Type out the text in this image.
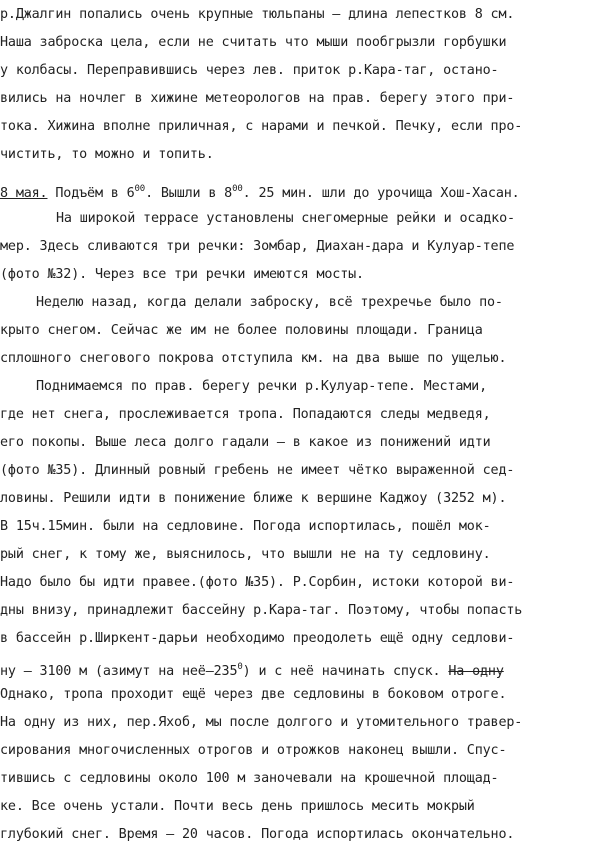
р.Джалгин попались очень крупные тюльпаны – длина лепестков 8 см.
Наша заброска цела, если не считать что мыши пообгрызли горбушки
у колбасы. Переправившись через лев. приток р.Кара-таг, остано-
вились на ночлег в хижине метеорологов на прав. берегу этого при-
тока. Хижина вполне приличная, с нарами и печкой. Печку, если про-
чистить, то можно и топить.
8 мая. Подъём в $6^{00}$. Вышли в $8^{00}$. 25 мин. шли до урочища Хош-Хасан.
На широкой террасе установлены снегомерные рейки и осадко-
мер. Здесь сливаются три речки: Зомбар, Диахан-дара и Кулуар-тепе
(фото №32). Через все три речки имеются мосты.
Неделю назад, когда делали заброску, всё трехречье было по-
крыто снегом. Сейчас же им не более половины площади. Граница
сплошного снегового покрова отступила км. на два выше по ущелью.
Поднимаемся по прав. берегу речки р.Кулуар-тепе. Местами,
где нет снега, прослеживается тропа. Попадаются следы медведя,
его покопы. Выше леса долго гадали – в какое из понижений идти
(фото №35). Длинный ровный гребень не имеет чётко выраженной сед-
ловины. Решили идти в понижение ближе к вершине Каджоу (3252 м).
В 15ч.15мин. были на седловине. Погода испортилась, пошёл мок-
рый снег, к тому же, выяснилось, что вышли не на ту седловину.
Надо было бы идти правее.(фото №35). Р.Сорбин, истоки которой ви-
дны внизу, принадлежит бассейну р.Кара-таг. Поэтому, чтобы попасть
в бассейн р.Ширкент-дарьи необходимо преодолеть ещё одну седлови-
ну – 3100 м (азимут на неё–$235^0$) и с неё начинать спуск. На одну
Однако, тропа проходит ещё через две седловины в боковом отроге.
На одну из них, пер.Яхоб, мы после долгого и утомительного травер-
сирования многочисленных отрогов и отрожков наконец вышли. Спус-
тившись с седловины около 100 м заночевали на крошечной площад-
ке. Все очень устали. Почти весь день пришлось месить мокрый
глубокий снег. Время – 20 часов. Погода испортилась окончательно.
